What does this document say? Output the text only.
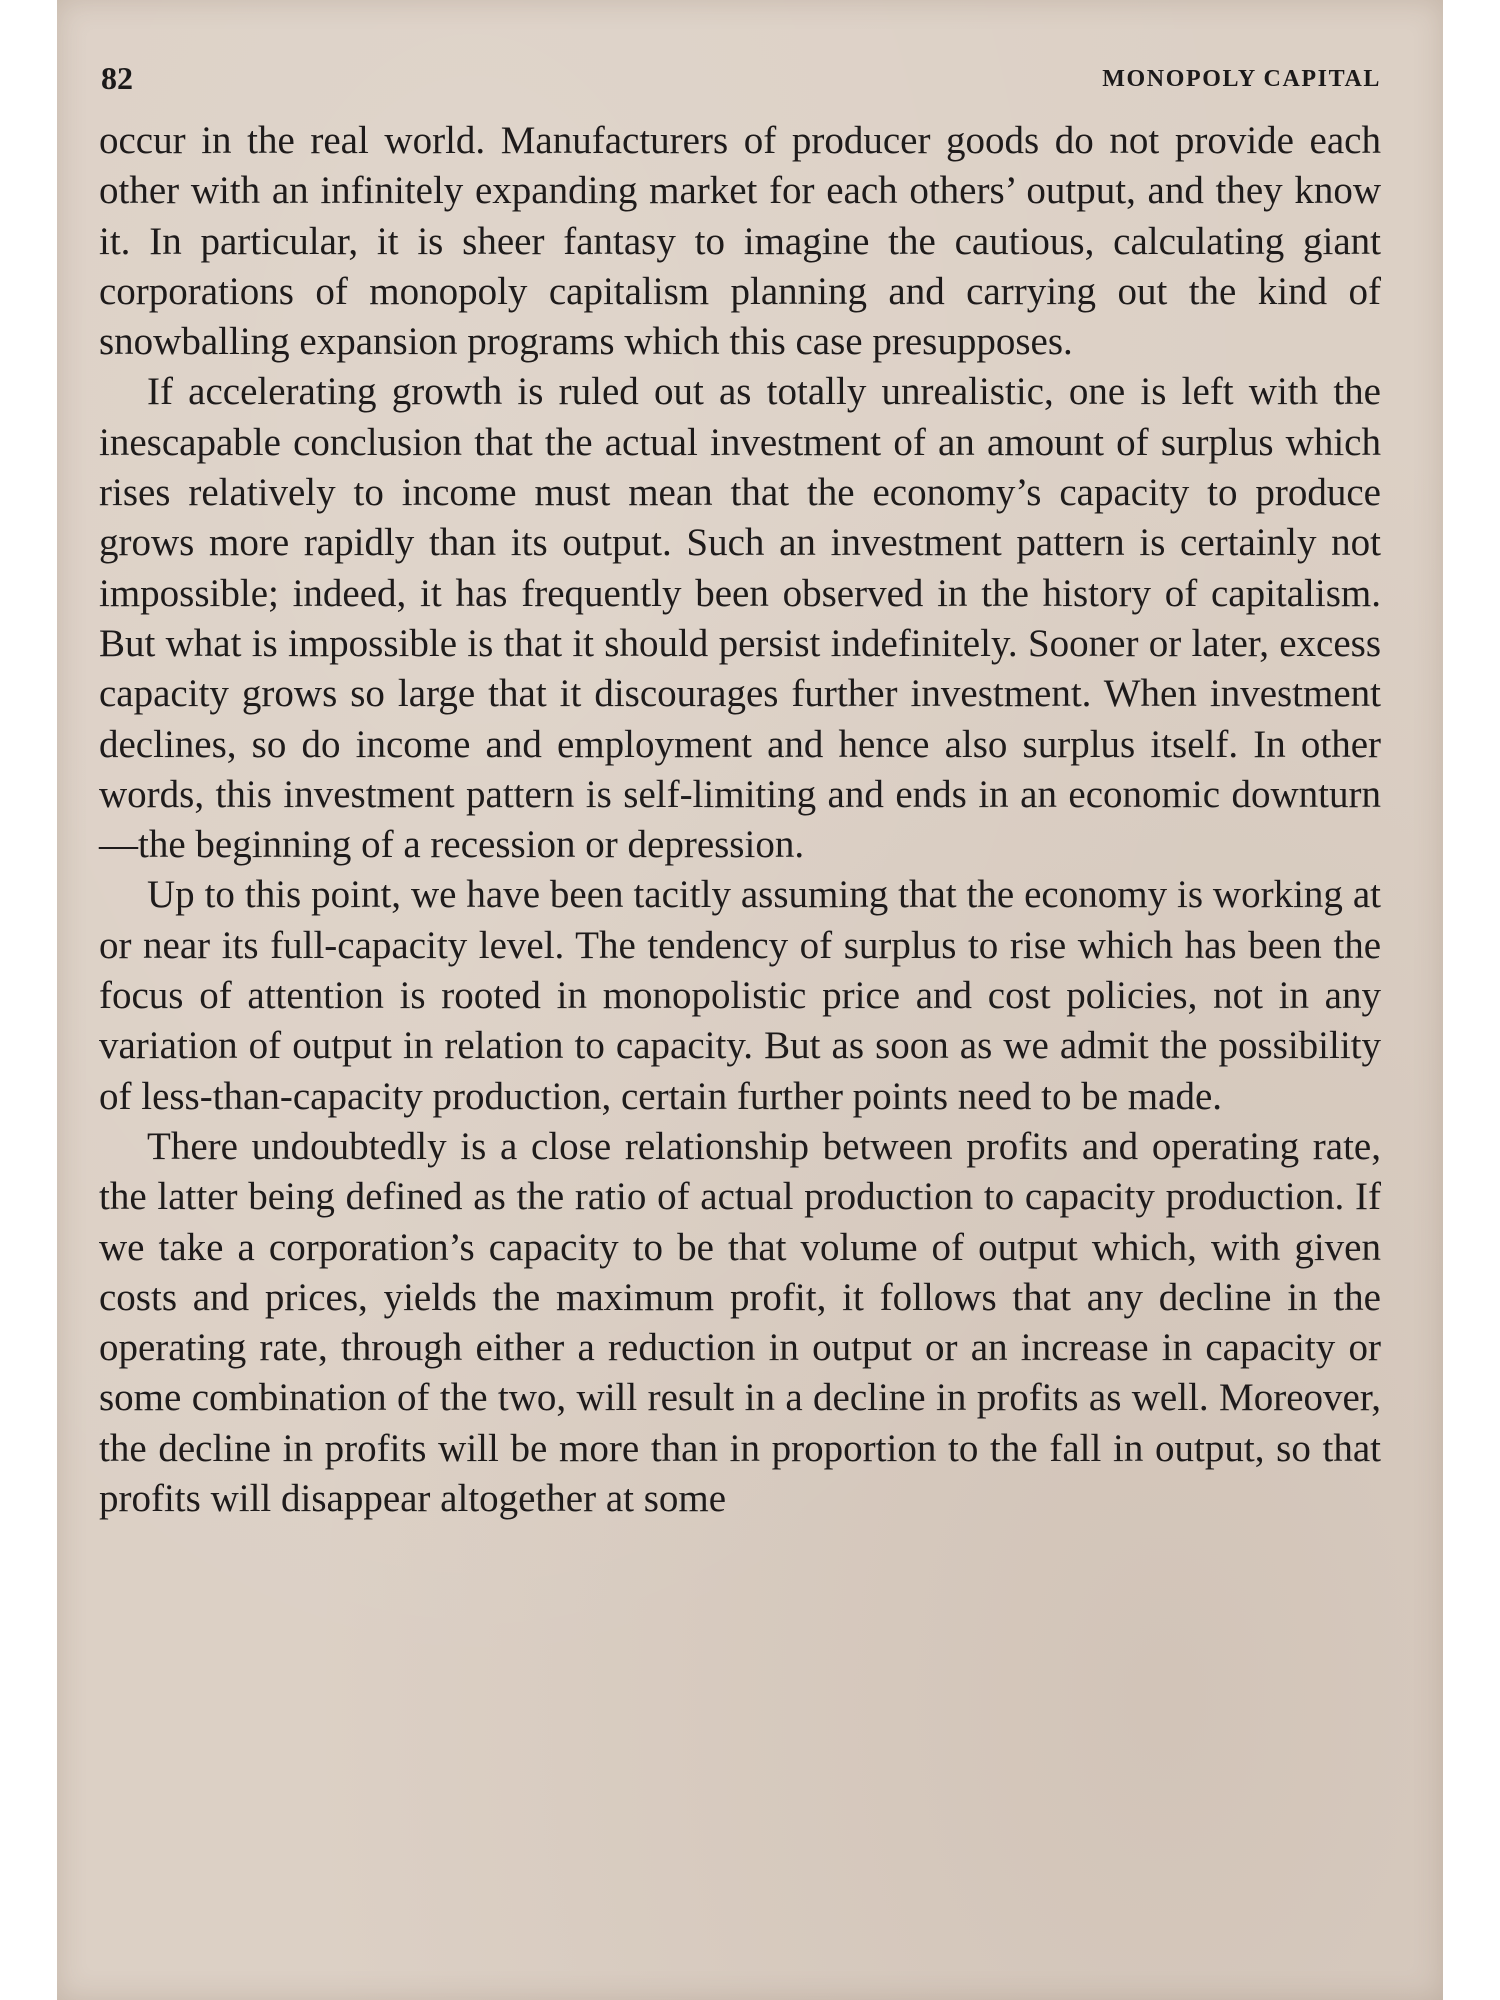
82	MONOPOLY CAPITAL

occur in the real world. Manufacturers of producer goods do not provide each other with an infinitely expanding market for each others’ output, and they know it. In particular, it is sheer fantasy to imagine the cautious, calculating giant corporations of monopoly capitalism planning and carrying out the kind of snowballing expansion programs which this case presupposes.

If accelerating growth is ruled out as totally unrealistic, one is left with the inescapable conclusion that the actual investment of an amount of surplus which rises relatively to income must mean that the economy’s capacity to produce grows more rapidly than its output. Such an investment pattern is certainly not impossible; indeed, it has frequently been observed in the history of capitalism. But what is impossible is that it should persist indefinitely. Sooner or later, excess capacity grows so large that it discourages further investment. When investment declines, so do income and employment and hence also surplus itself. In other words, this investment pattern is self-limiting and ends in an economic downturn—the beginning of a recession or depression.

Up to this point, we have been tacitly assuming that the economy is working at or near its full-capacity level. The tendency of surplus to rise which has been the focus of attention is rooted in monopolistic price and cost policies, not in any variation of output in relation to capacity. But as soon as we admit the possibility of less-than-capacity production, certain further points need to be made.

There undoubtedly is a close relationship between profits and operating rate, the latter being defined as the ratio of actual production to capacity production. If we take a corporation’s capacity to be that volume of output which, with given costs and prices, yields the maximum profit, it follows that any decline in the operating rate, through either a reduction in output or an increase in capacity or some combination of the two, will result in a decline in profits as well. Moreover, the decline in profits will be more than in proportion to the fall in output, so that profits will disappear altogether at some
